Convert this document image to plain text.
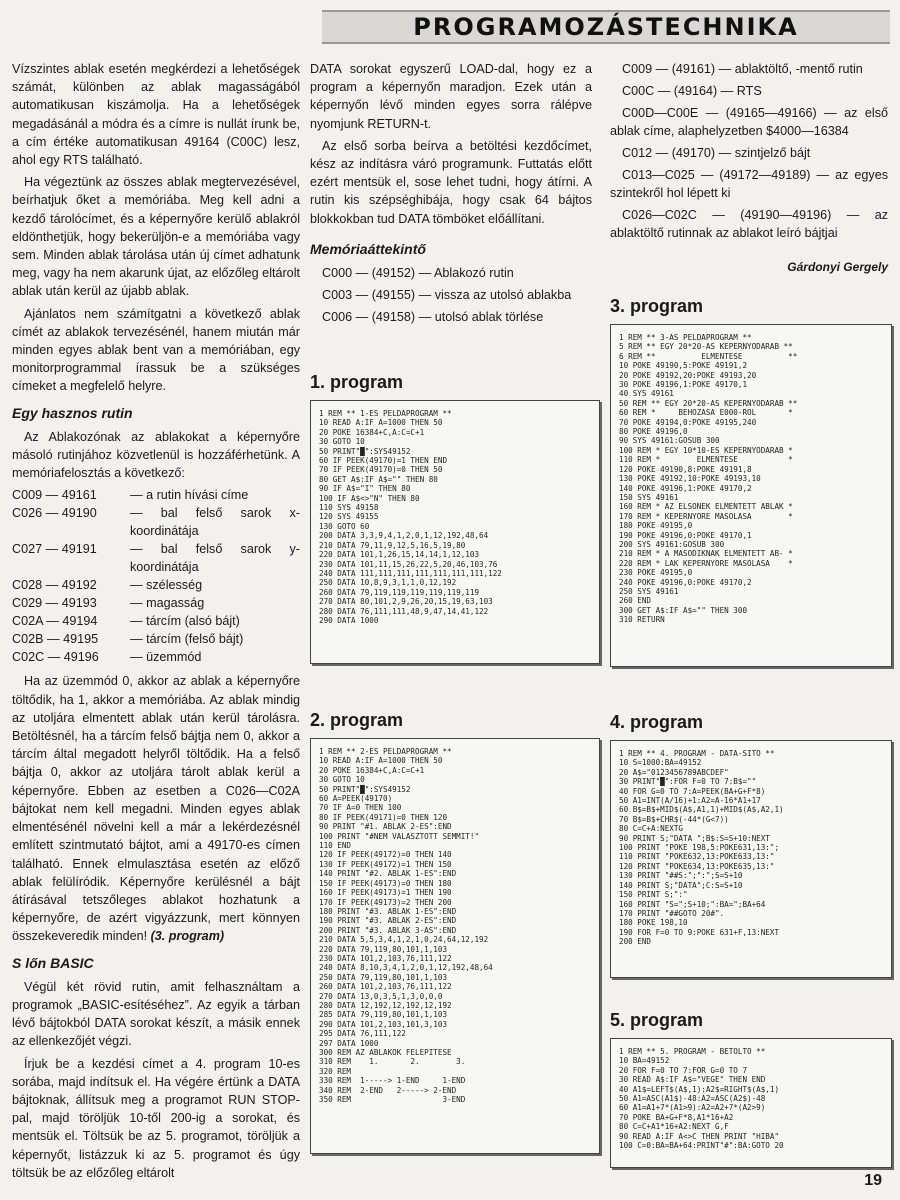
PROGRAMOZÁSTECHNIKA

Vízszintes ablak esetén megkérdezi a lehetőségek számát, különben az ablak magasságából automatikusan kiszámolja. Ha a lehetőségek megadásánál a módra és a címre is nullát írunk be, a cím értéke automatikusan 49164 (C00C) lesz, ahol egy RTS található.

Ha végeztünk az összes ablak megtervezésével, beírhatjuk őket a memóriába. Meg kell adni a kezdő tárolócímet, és a képernyőre kerülő ablakról eldönthetjük, hogy bekerüljön-e a memóriába vagy sem. Minden ablak tárolása után új címet adhatunk meg, vagy ha nem akarunk újat, az előzőleg eltárolt ablak után kerül az újabb ablak.

Ajánlatos nem számítgatni a következő ablak címét az ablakok tervezésénél, hanem miután már minden egyes ablak bent van a memóriában, egy monitorprogrammal írassuk be a szükséges címeket a megfelelő helyre.

Egy hasznos rutin

Az Ablakozónak az ablakokat a képernyőre másoló rutinjához közvetlenül is hozzáférhetünk. A memóriafelosztás a következő:

C009 — 49161	— a rutin hívási címe
C026 — 49190	— bal felső sarok x-koordinátája
C027 — 49191	— bal felső sarok y-koordinátája
C028 — 49192	— szélesség
C029 — 49193	— magasság
C02A — 49194	— tárcím (alsó bájt)
C02B — 49195	— tárcím (felső bájt)
C02C — 49196	— üzemmód

Ha az üzemmód 0, akkor az ablak a képernyőre töltődik, ha 1, akkor a memóriába. Az ablak mindig az utoljára elmentett ablak után kerül tárolásra. Betöltésnél, ha a tárcím felső bájtja nem 0, akkor a tárcím által megadott helyről töltődik. Ha a felső bájtja 0, akkor az utoljára tárolt ablak kerül a képernyőre. Ebben az esetben a C026—C02A bájtokat nem kell megadni. Minden egyes ablak elmentésénél növelni kell a már a lekérdezésnél említett szintmutató bájtot, ami a 49170-es címen található. Ennek elmulasztása esetén az előző ablak felülíródik. Képernyőre kerülésnél a bájt átírásával tetszőleges ablakot hozhatunk a képernyőre, de azért vigyázzunk, mert könnyen összekeveredik minden! (3. program)

S lőn BASIC

Végül két rövid rutin, amit felhasználtam a programok „BASIC-esítéséhez”. Az egyik a tárban lévő bájtokból DATA sorokat készít, a másik ennek az ellenkezőjét végzi.

Írjuk be a kezdési címet a 4. program 10-es sorába, majd indítsuk el. Ha végére értünk a DATA bájtoknak, állítsuk meg a programot RUN STOP-pal, majd töröljük 10-től 200-ig a sorokat, és mentsük el. Töltsük be az 5. programot, töröljük a képernyőt, listázzuk ki az 5. programot és úgy töltsük be az előzőleg eltárolt

DATA sorokat egyszerű LOAD-dal, hogy ez a program a képernyőn maradjon. Ezek után a képernyőn lévő minden egyes sorra rálépve nyomjunk RETURN-t.

Az első sorba beírva a betöltési kezdőcímet, kész az indításra váró programunk. Futtatás előtt ezért mentsük el, sose lehet tudni, hogy átírni. A rutin kis szépséghibája, hogy csak 64 bájtos blokkokban tud DATA tömböket előállítani.

Memóriaáttekintő

C000 — (49152) — Ablakozó rutin

C003 — (49155) — vissza az utolsó ablakba

C006 — (49158) — utolsó ablak törlése

C009 — (49161) — ablaktöltő, -mentő rutin

C00C — (49164) — RTS

C00D—C00E — (49165—49166) — az első ablak címe, alaphelyzetben $4000—16384

C012 — (49170) — szintjelző bájt

C013—C025 — (49172—49189) — az egyes szintekről hol lépett ki

C026—C02C — (49190—49196) — az ablaktöltő rutinnak az ablakot leíró bájtjai

Gárdonyi Gergely
1. program
1 REM ** 1-ES PELDAPROGRAM **
10 READ A:IF A=1000 THEN 50
20 POKE 16384+C,A:C=C+1
30 GOTO 10
50 PRINT"█":SYS49152
60 IF PEEK(49170)=1 THEN END
70 IF PEEK(49170)=0 THEN 50
80 GET A$:IF A$="" THEN 80
90 IF A$="I" THEN 80
100 IF A$<>"N" THEN 80
110 SYS 49158
120 SYS 49155
130 GOTO 60
200 DATA 3,3,9,4,1,2,0,1,12,192,48,64
210 DATA 79,11,9,12,5,16,5,19,80
220 DATA 101,1,26,15,14,14,1,12,103
230 DATA 101,11,15,26,22,5,20,46,103,76
240 DATA 111,111,111,111,111,111,111,122
250 DATA 10,8,9,3,1,1,0,12,192
260 DATA 79,119,119,119,119,119,119
270 DATA 80,101,2,9,26,20,15,19,63,103
280 DATA 76,111,111,48,9,47,14,41,122
290 DATA 1000

2. program
1 REM ** 2-ES PELDAPROGRAM **
10 READ A:IF A=1000 THEN 50
20 POKE 16384+C,A:C=C+1
30 GOTO 10
50 PRINT"█":SYS49152
60 A=PEEK(49170)
70 IF A=0 THEN 100
80 IF PEEK(49171)=0 THEN 120
90 PRINT "#1. ABLAK 2-ES":END
100 PRINT "#NEM VALASZTOTT SEMMIT!"
110 END
120 IF PEEK(49172)=0 THEN 140
130 IF PEEK(49172)=1 THEN 150
140 PRINT "#2. ABLAK 1-ES":END
150 IF PEEK(49173)=0 THEN 180
160 IF PEEK(49173)=1 THEN 190
170 IF PEEK(49173)=2 THEN 200
180 PRINT "#3. ABLAK 1-ES":END
190 PRINT "#3. ABLAK 2-ES":END
200 PRINT "#3. ABLAK 3-AS":END
210 DATA 5,5,3,4,1,2,1,0,24,64,12,192
220 DATA 79,119,80,101,1,103
230 DATA 101,2,103,76,111,122
240 DATA 8,10,3,4,1,2,0,1,12,192,48,64
250 DATA 79,119,80,101,1,103
260 DATA 101,2,103,76,111,122
270 DATA 13,0,3,5,1,3,0,0,0
280 DATA 12,192,12,192,12,192
285 DATA 79,119,80,101,1,103
290 DATA 101,2,103,101,3,103
295 DATA 76,111,122
297 DATA 1000
300 REM AZ ABLAKOK FELEPITESE
310 REM    1.       2.        3.
320 REM
330 REM  1-----> 1-END     1-END
340 REM  2-END   2-----> 2-END
350 REM                    3-END

3. program
1 REM ** 3-AS PELDAPROGRAM **
5 REM ** EGY 20*20-AS KEPERNYODARAB **
6 REM **          ELMENTESE          **
10 POKE 49190,5:POKE 49191,2
20 POKE 49192,20:POKE 49193,20
30 POKE 49196,1:POKE 49170,1
40 SYS 49161
50 REM ** EGY 20*20-AS KEPERNYODARAB **
60 REM *     BEHOZASA E000-ROL       *
70 POKE 49194,0:POKE 49195,240
80 POKE 49196,0
90 SYS 49161:GOSUB 300
100 REM * EGY 10*10-ES KEPERNYODARAB *
110 REM *        ELMENTESE           *
120 POKE 49190,8:POKE 49191,8
130 POKE 49192,10:POKE 49193,10
140 POKE 49196,1:POKE 49170,2
150 SYS 49161
160 REM * AZ ELSONEK ELMENTETT ABLAK *
170 REM * KEPERNYORE MASOLASA        *
180 POKE 49195,0
190 POKE 49196,0:POKE 49170,1
200 SYS 49161:GOSUB 300
210 REM * A MASODIKNAK ELMENTETT AB- *
220 REM * LAK KEPERNYORE MASOLASA    *
230 POKE 49195,0
240 POKE 49196,0:POKE 49170,2
250 SYS 49161
260 END
300 GET A$:IF A$="" THEN 300
310 RETURN

4. program
1 REM ** 4. PROGRAM - DATA-SITO **
10 S=1000:BA=49152
20 A$="0123456789ABCDEF"
30 PRINT"█":FOR F=0 TO 7:B$=""
40 FOR G=0 TO 7:A=PEEK(BA+G+F*8)
50 A1=INT(A/16)+1:A2=A-16*A1+17
60 B$=B$+MID$(A$,A1,1)+MID$(A$,A2,1)
70 B$=B$+CHR$(-44*(G<7))
80 C=C+A:NEXTG
90 PRINT S;"DATA ";B$:S=S+10:NEXT
100 PRINT "POKE 198,5:POKE631,13:";
110 PRINT "POKE632,13:POKE633,13:"
120 PRINT "POKE634,13:POKE635,13:"
130 PRINT "##S:";":";S=S+10
140 PRINT S;"DATA";C:S=S+10
150 PRINT S;":"
160 PRINT "S=";S+10;":BA=";BA+64
170 PRINT "##GOTO 20#".
180 POKE 198,10
190 FOR F=0 TO 9:POKE 631+F,13:NEXT
200 END

5. program
1 REM ** 5. PROGRAM - BETOLTO **
10 BA=49152
20 FOR F=0 TO 7:FOR G=0 TO 7
30 READ A$:IF A$="VEGE" THEN END
40 A1$=LEFT$(A$,1):A2$=RIGHT$(A$,1)
50 A1=ASC(A1$)-48:A2=ASC(A2$)-48
60 A1=A1+7*(A1>9):A2=A2+7*(A2>9)
70 POKE BA+G+F*8,A1*16+A2
80 C=C+A1*16+A2:NEXT G,F
90 READ A:IF A<>C THEN PRINT "HIBA"
100 C=0:BA=BA+64:PRINT"#":BA:GOTO 20

19
